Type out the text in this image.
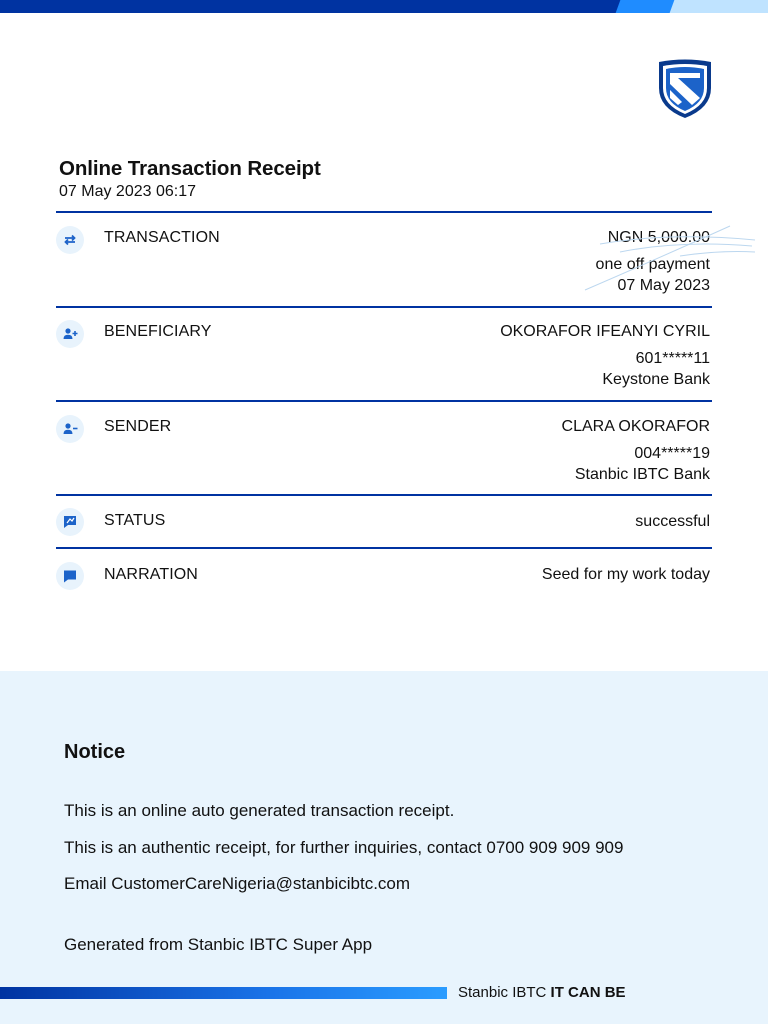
Online Transaction Receipt
07 May 2023 06:17
TRANSACTION	NGN 5,000.00
one off payment
07 May 2023
BENEFICIARY	OKORAFOR IFEANYI CYRIL
601*****11
Keystone Bank
SENDER	CLARA OKORAFOR
004*****19
Stanbic IBTC Bank
STATUS	successful
NARRATION	Seed for my work today
Notice
This is an online auto generated transaction receipt.
This is an authentic receipt, for further inquiries, contact 0700 909 909 909
Email CustomerCareNigeria@stanbicibtc.com
Generated from Stanbic IBTC Super App
Stanbic IBTC IT CAN BE
